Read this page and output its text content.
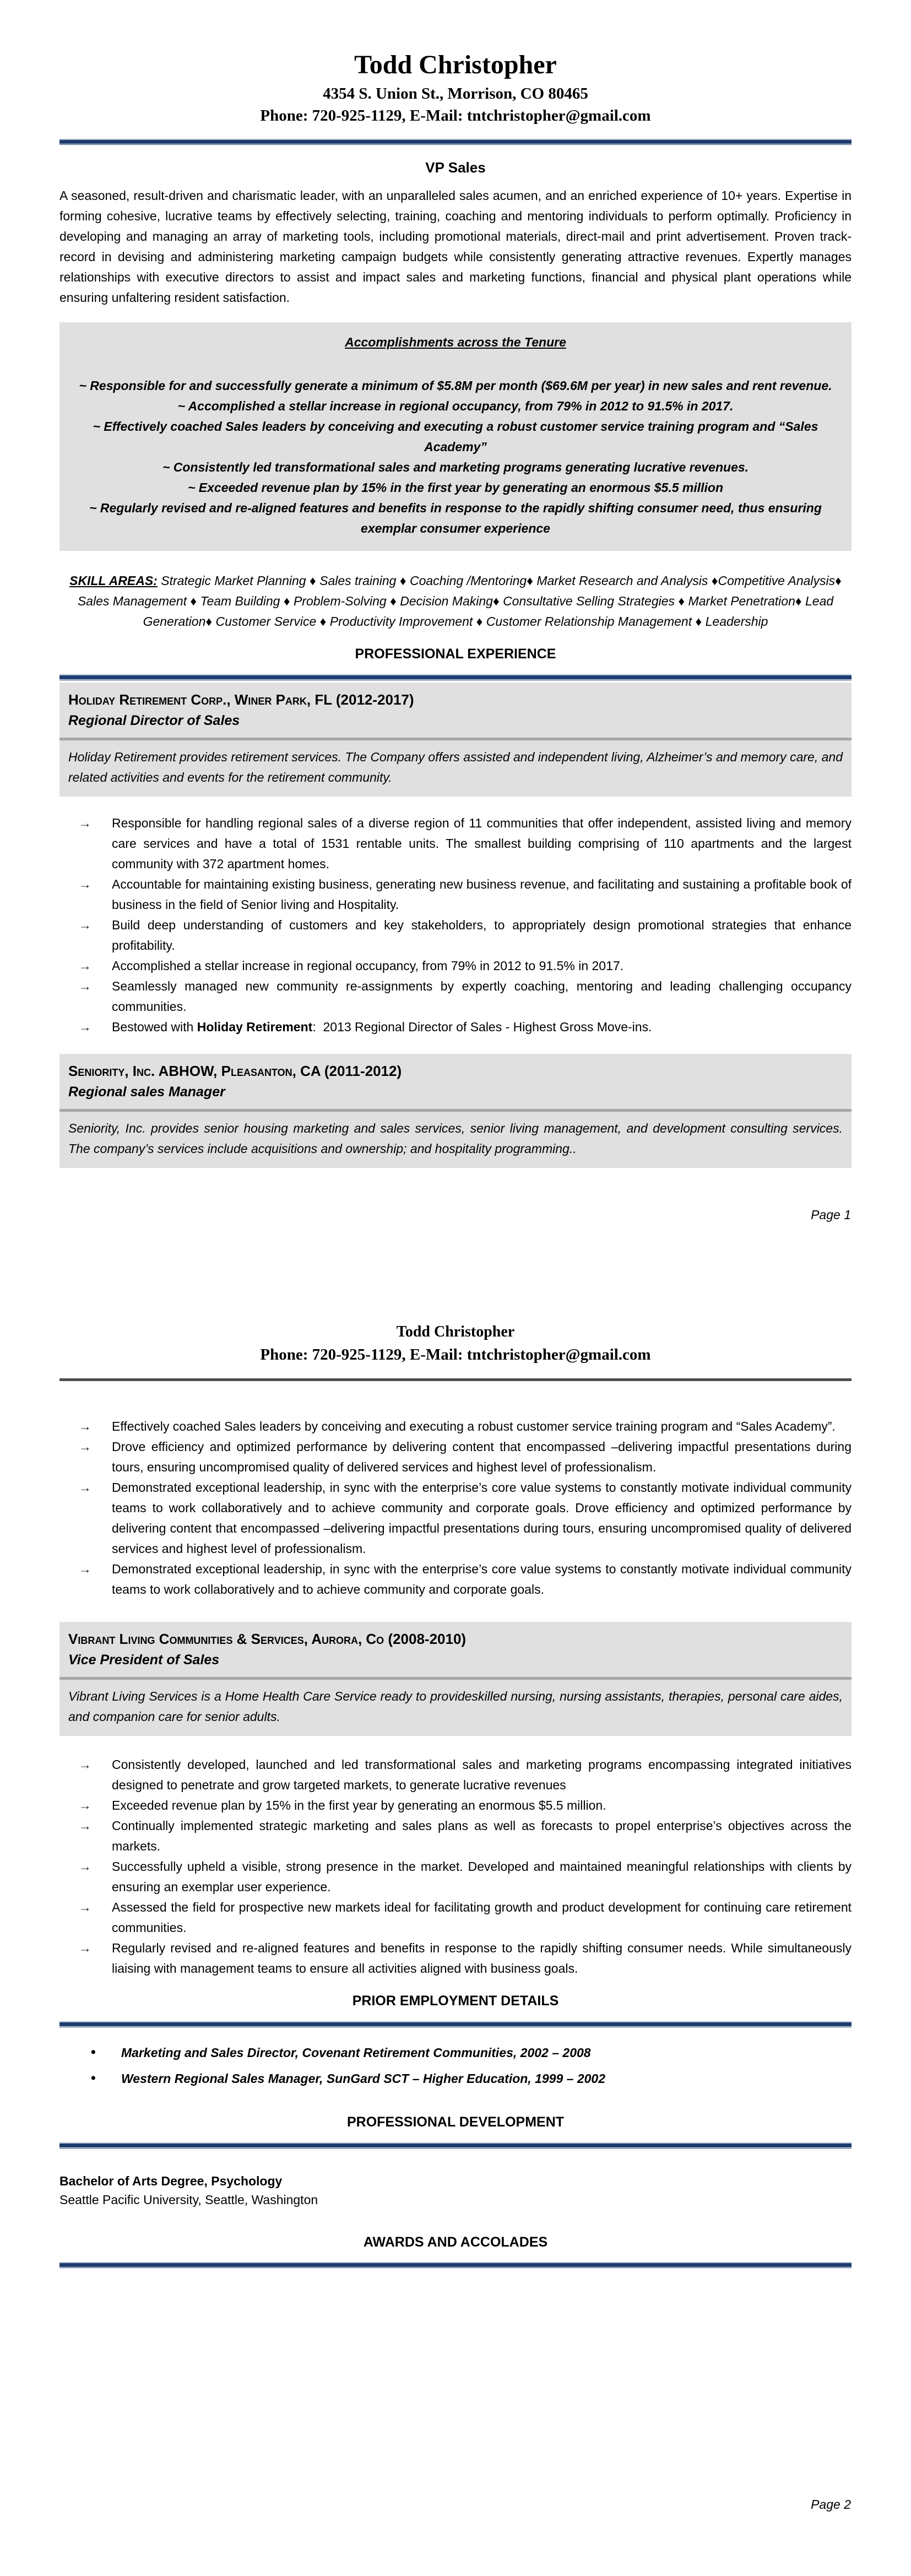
Todd Christopher
4354 S. Union St., Morrison, CO 80465
Phone: 720-925-1129, E-Mail: tntchristopher@gmail.com
VP Sales

A seasoned, result-driven and charismatic leader, with an unparalleled sales acumen, and an enriched experience of 10+ years. Expertise in forming cohesive, lucrative teams by effectively selecting, training, coaching and mentoring individuals to perform optimally. Proficiency in developing and managing an array of marketing tools, including promotional materials, direct-mail and print advertisement. Proven track-record in devising and administering marketing campaign budgets while consistently generating attractive revenues. Expertly manages relationships with executive directors to assist and impact sales and marketing functions, financial and physical plant operations while ensuring unfaltering resident satisfaction.

Accomplishments across the Tenure
~ Responsible for and successfully generate a minimum of $5.8M per month ($69.6M per year) in new sales and rent revenue.
~ Accomplished a stellar increase in regional occupancy, from 79% in 2012 to 91.5% in 2017.
~ Effectively coached Sales leaders by conceiving and executing a robust customer service training program and “Sales Academy”
~ Consistently led transformational sales and marketing programs generating lucrative revenues.
~ Exceeded revenue plan by 15% in the first year by generating an enormous $5.5 million
~ Regularly revised and re-aligned features and benefits in response to the rapidly shifting consumer need, thus ensuring exemplar consumer experience

SKILL AREAS: Strategic Market Planning ♦ Sales training ♦ Coaching /Mentoring♦ Market Research and Analysis ♦Competitive Analysis♦ Sales Management ♦ Team Building ♦ Problem-Solving ♦ Decision Making♦ Consultative Selling Strategies ♦ Market Penetration♦ Lead Generation♦ Customer Service ♦ Productivity Improvement ♦ Customer Relationship Management ♦ Leadership

PROFESSIONAL EXPERIENCE
Holiday Retirement Corp., Winer Park, FL (2012-2017)
Regional Director of Sales
Holiday Retirement provides retirement services. The Company offers assisted and independent living, Alzheimer’s and memory care, and related activities and events for the retirement community.
→ Responsible for handling regional sales of a diverse region of 11 communities that offer independent, assisted living and memory care services and have a total of 1531 rentable units. The smallest building comprising of 110 apartments and the largest community with 372 apartment homes.
→ Accountable for maintaining existing business, generating new business revenue, and facilitating and sustaining a profitable book of business in the field of Senior living and Hospitality.
→ Build deep understanding of customers and key stakeholders, to appropriately design promotional strategies that enhance profitability.
→ Accomplished a stellar increase in regional occupancy, from 79% in 2012 to 91.5% in 2017.
→ Seamlessly managed new community re-assignments by expertly coaching, mentoring and leading challenging occupancy communities.
→ Bestowed with Holiday Retirement:  2013 Regional Director of Sales - Highest Gross Move-ins.
Seniority, Inc. ABHOW, Pleasanton, CA (2011-2012)
Regional sales Manager
Seniority, Inc. provides senior housing marketing and sales services, senior living management, and development consulting services. The company’s services include acquisitions and ownership; and hospitality programming..
Page 1
Todd Christopher
Phone: 720-925-1129, E-Mail: tntchristopher@gmail.com
→ Effectively coached Sales leaders by conceiving and executing a robust customer service training program and “Sales Academy”.
→ Drove efficiency and optimized performance by delivering content that encompassed –delivering impactful presentations during tours, ensuring uncompromised quality of delivered services and highest level of professionalism.
→ Demonstrated exceptional leadership, in sync with the enterprise’s core value systems to constantly motivate individual community teams to work collaboratively and to achieve community and corporate goals. Drove efficiency and optimized performance by delivering content that encompassed –delivering impactful presentations during tours, ensuring uncompromised quality of delivered services and highest level of professionalism.
→ Demonstrated exceptional leadership, in sync with the enterprise’s core value systems to constantly motivate individual community teams to work collaboratively and to achieve community and corporate goals.
Vibrant Living Communities & Services, Aurora, Co (2008-2010)
Vice President of Sales
Vibrant Living Services is a Home Health Care Service ready to provideskilled nursing, nursing assistants, therapies, personal care aides, and companion care for senior adults.
→ Consistently developed, launched and led transformational sales and marketing programs encompassing integrated initiatives designed to penetrate and grow targeted markets, to generate lucrative revenues
→ Exceeded revenue plan by 15% in the first year by generating an enormous $5.5 million.
→ Continually implemented strategic marketing and sales plans as well as forecasts to propel enterprise’s objectives across the markets.
→ Successfully upheld a visible, strong presence in the market. Developed and maintained meaningful relationships with clients by ensuring an exemplar user experience.
→ Assessed the field for prospective new markets ideal for facilitating growth and product development for continuing care retirement communities.
→ Regularly revised and re-aligned features and benefits in response to the rapidly shifting consumer needs. While simultaneously liaising with management teams to ensure all activities aligned with business goals.
PRIOR EMPLOYMENT DETAILS
• Marketing and Sales Director, Covenant Retirement Communities, 2002 – 2008
• Western Regional Sales Manager, SunGard SCT – Higher Education, 1999 – 2002
PROFESSIONAL DEVELOPMENT
Bachelor of Arts Degree, Psychology
Seattle Pacific University, Seattle, Washington
AWARDS AND ACCOLADES
Page 2
